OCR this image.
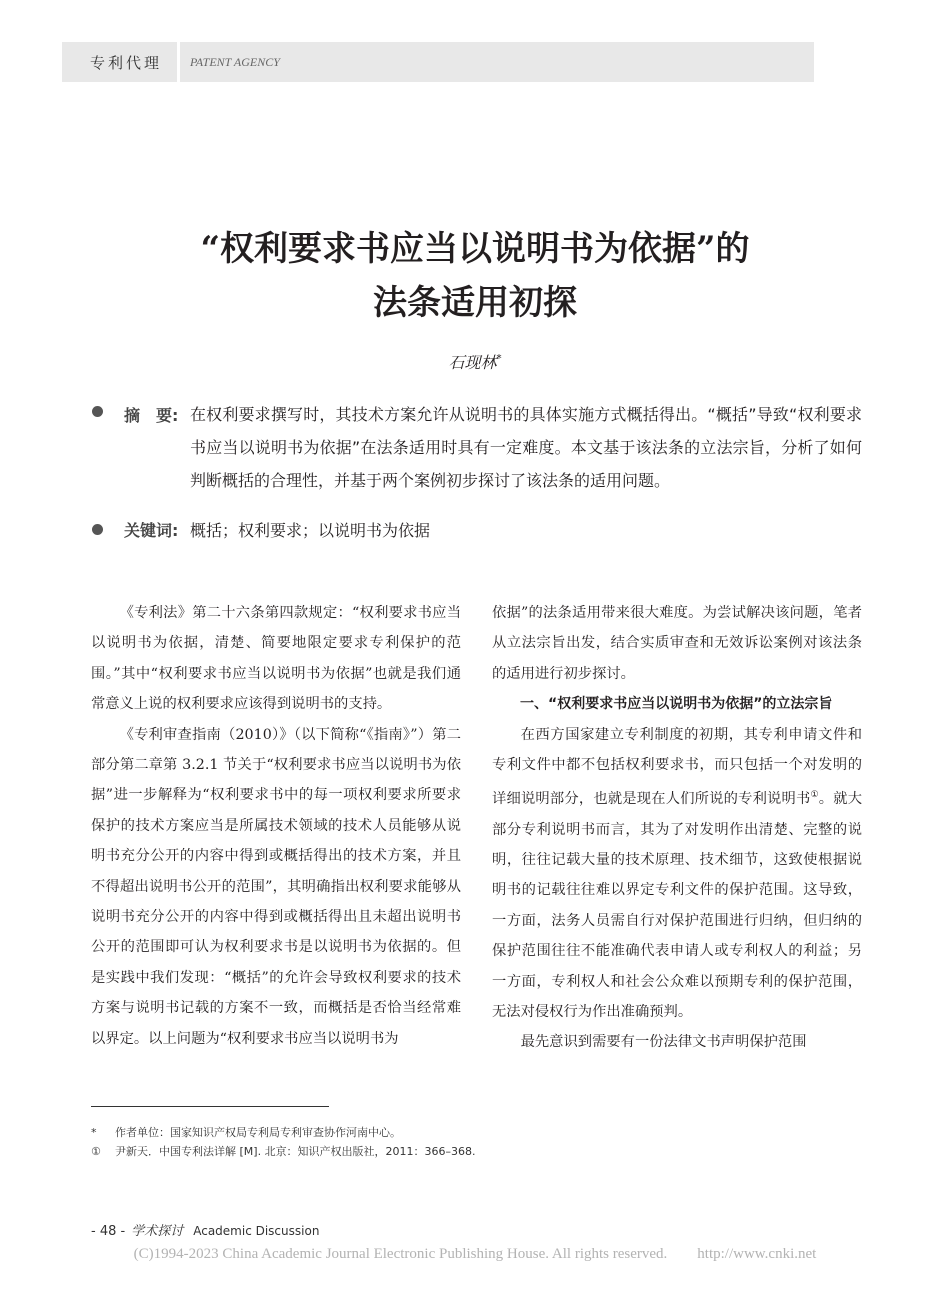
专利代理 PATENT AGENCY
“权利要求书应当以说明书为依据”的
法条适用初探
石现林*
摘　要: 在权利要求撰写时，其技术方案允许从说明书的具体实施方式概括得出。“概括”导致“权利要求书应当以说明书为依据”在法条适用时具有一定难度。本文基于该法条的立法宗旨，分析了如何判断概括的合理性，并基于两个案例初步探讨了该法条的适用问题。
关键词: 概括；权利要求；以说明书为依据

《专利法》第二十六条第四款规定：“权利要求书应当以说明书为依据，清楚、简要地限定要求专利保护的范围。”其中“权利要求书应当以说明书为依据”也就是我们通常意义上说的权利要求应该得到说明书的支持。

《专利审查指南（2010）》（以下简称“《指南》”）第二部分第二章第 3.2.1 节关于“权利要求书应当以说明书为依据”进一步解释为“权利要求书中的每一项权利要求所要求保护的技术方案应当是所属技术领域的技术人员能够从说明书充分公开的内容中得到或概括得出的技术方案，并且不得超出说明书公开的范围”，其明确指出权利要求能够从说明书充分公开的内容中得到或概括得出且未超出说明书公开的范围即可认为权利要求书是以说明书为依据的。但是实践中我们发现：“概括”的允许会导致权利要求的技术方案与说明书记载的方案不一致，而概括是否恰当经常难以界定。以上问题为“权利要求书应当以说明书为

依据”的法条适用带来很大难度。为尝试解决该问题，笔者从立法宗旨出发，结合实质审查和无效诉讼案例对该法条的适用进行初步探讨。

一、“权利要求书应当以说明书为依据”的立法宗旨

在西方国家建立专利制度的初期，其专利申请文件和专利文件中都不包括权利要求书，而只包括一个对发明的详细说明部分，也就是现在人们所说的专利说明书①。就大部分专利说明书而言，其为了对发明作出清楚、完整的说明，往往记载大量的技术原理、技术细节，这致使根据说明书的记载往往难以界定专利文件的保护范围。这导致，一方面，法务人员需自行对保护范围进行归纳，但归纳的保护范围往往不能准确代表申请人或专利权人的利益；另一方面，专利权人和社会公众难以预期专利的保护范围，无法对侵权行为作出准确预判。

最先意识到需要有一份法律文书声明保护范围

* 作者单位：国家知识产权局专利局专利审查协作河南中心。
① 尹新天．中国专利法详解 [M]. 北京：知识产权出版社，2011：366–368.
- 48 - 学术探讨 Academic Discussion
(C)1994-2023 China Academic Journal Electronic Publishing House. All rights reserved.　　http://www.cnki.net
